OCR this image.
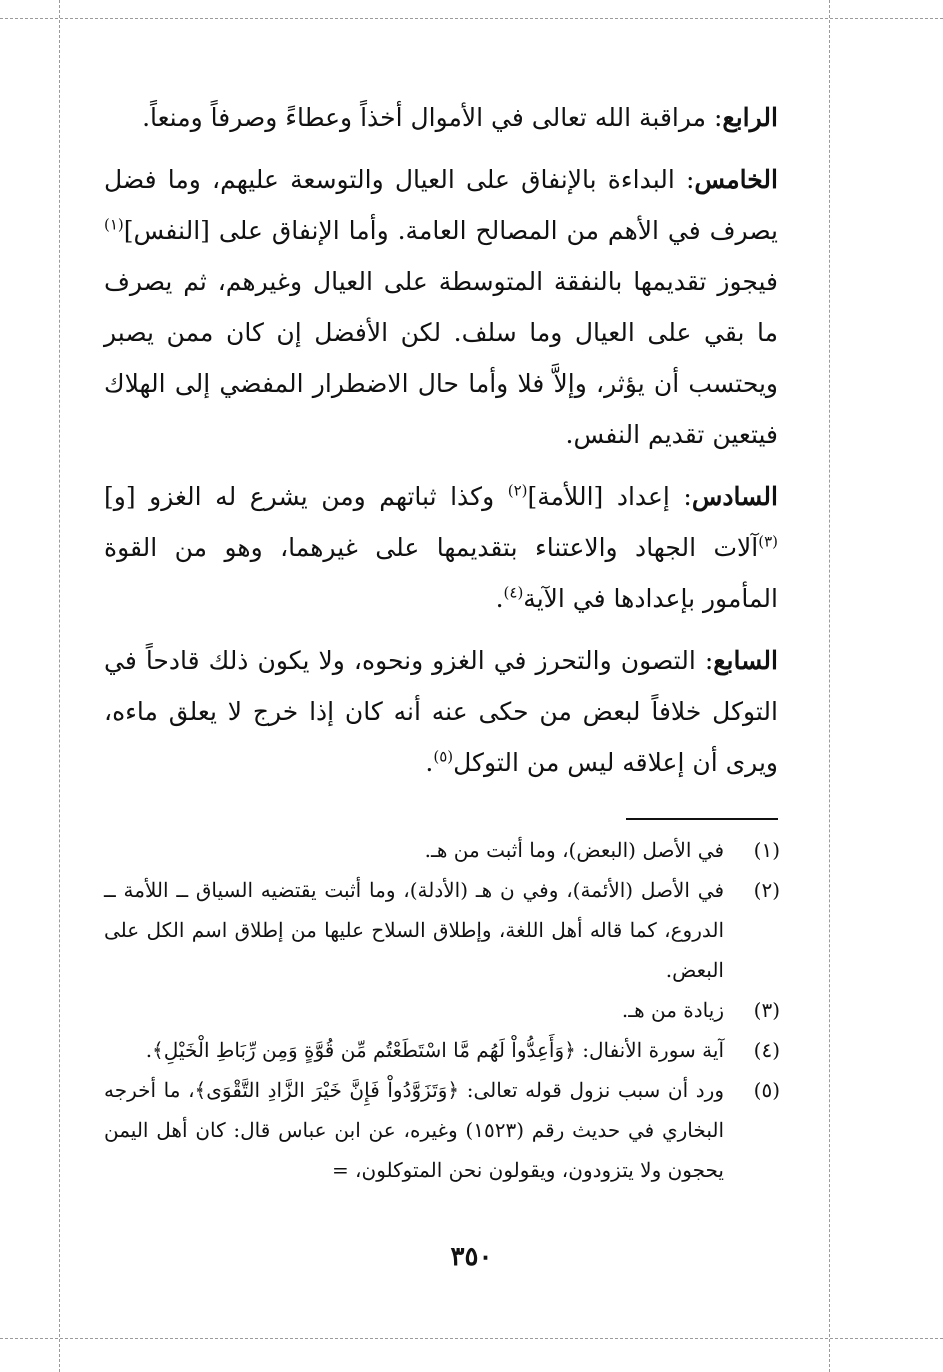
الرابع: مراقبة الله تعالى في الأموال أخذاً وعطاءً وصرفاً ومنعاً.

الخامس: البداءة بالإنفاق على العيال والتوسعة عليهم، وما فضل يصرف في الأهم من المصالح العامة. وأما الإنفاق على [النفس]$^{(١)}$ فيجوز تقديمها بالنفقة المتوسطة على العيال وغيرهم، ثم يصرف ما بقي على العيال وما سلف. لكن الأفضل إن كان ممن يصبر ويحتسب أن يؤثر، وإلاَّ فلا وأما حال الاضطرار المفضي إلى الهلاك فيتعين تقديم النفس.

السادس: إعداد [اللأمة]$^{(٢)}$ وكذا ثباتهم ومن يشرع له الغزو [و]$^{(٣)}$آلات الجهاد والاعتناء بتقديمها على غيرهما، وهو من القوة المأمور بإعدادها في الآية$^{(٤)}$.

السابع: التصون والتحرز في الغزو ونحوه، ولا يكون ذلك قادحاً في التوكل خلافاً لبعض من حكى عنه أنه كان إذا خرج لا يعلق ماءه، ويرى أن إعلاقه ليس من التوكل$^{(٥)}$.

(١)
في الأصل (البعض)، وما أثبت من هـ.
(٢)
في الأصل (الأئمة)، وفي ن هـ (الأدلة)، وما أثبت يقتضيه السياق ــ اللأمة ــ الدروع، كما قاله أهل اللغة، وإطلاق السلاح عليها من إطلاق اسم الكل على البعض.
(٣)
زيادة من هـ.
(٤)
آية سورة الأنفال: ﴿وَأَعِدُّواْ لَهُم مَّا اسْتَطَعْتُم مِّن قُوَّةٍ وَمِن رِّبَاطِ الْخَيْلِ﴾.
(٥)
ورد أن سبب نزول قوله تعالى: ﴿وَتَزَوَّدُواْ فَإِنَّ خَيْرَ الزَّادِ التَّقْوَى﴾، ما أخرجه البخاري في حديث رقم (١٥٢٣) وغيره، عن ابن عباس قال: كان أهل اليمن يحجون ولا يتزودون، ويقولون نحن المتوكلون، =
٣٥٠
